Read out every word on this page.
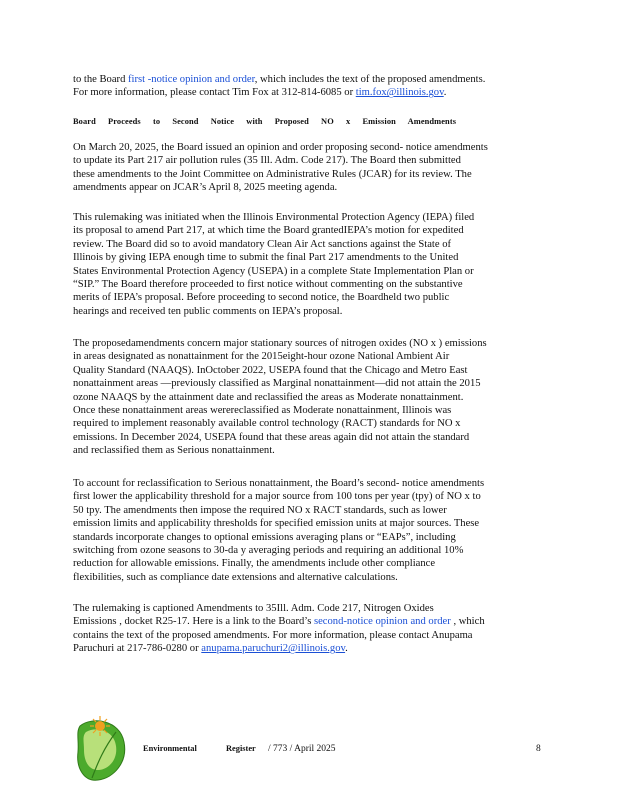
to the Board first -notice opinion and order, which includes the text of the proposed amendments.
For more information, please contact Tim Fox at 312-814-6085 or tim.fox@illinois.gov.

Board Proceeds to Second Notice with Proposed NO x Emission Amendments

On March 20, 2025, the Board issued an opinion and order proposing second- notice amendments
to update its Part 217 air pollution rules (35 Ill. Adm. Code 217). The Board then submitted
these amendments to the Joint Committee on Administrative Rules (JCAR) for its review. The
amendments appear on JCAR’s April 8, 2025 meeting agenda.

This rulemaking was initiated when the Illinois Environmental Protection Agency (IEPA) filed
its proposal to amend Part 217, at which time the Board grantedIEPA’s motion for expedited
review. The Board did so to avoid mandatory Clean Air Act sanctions against the State of
Illinois by giving IEPA enough time to submit the final Part 217 amendments to the United
States Environmental Protection Agency (USEPA) in a complete State Implementation Plan or
“SIP.” The Board therefore proceeded to first notice without commenting on the substantive
merits of IEPA’s proposal. Before proceeding to second notice, the Boardheld two public
hearings and received ten public comments on IEPA’s proposal.

The proposedamendments concern major stationary sources of nitrogen oxides (NO x ) emissions
in areas designated as nonattainment for the 2015eight-hour ozone National Ambient Air
Quality Standard (NAAQS). InOctober 2022, USEPA found that the Chicago and Metro East
nonattainment areas —previously classified as Marginal nonattainment—did not attain the 2015
ozone NAAQS by the attainment date and reclassified the areas as Moderate nonattainment.
Once these nonattainment areas werereclassified as Moderate nonattainment, Illinois was
required to implement reasonably available control technology (RACT) standards for NO x
emissions. In December 2024, USEPA found that these areas again did not attain the standard
and reclassified them as Serious nonattainment.

To account for reclassification to Serious nonattainment, the Board’s second- notice amendments
first lower the applicability threshold for a major source from 100 tons per year (tpy) of NO x to
50 tpy. The amendments then impose the required NO x RACT standards, such as lower
emission limits and applicability thresholds for specified emission units at major sources. These
standards incorporate changes to optional emissions averaging plans or “EAPs”, including
switching from ozone seasons to 30-da y averaging periods and requiring an additional 10%
reduction for allowable emissions. Finally, the amendments include other compliance
flexibilities, such as compliance date extensions and alternative calculations.

The rulemaking is captioned Amendments to 35Ill. Adm. Code 217, Nitrogen Oxides
Emissions , docket R25-17. Here is a link to the Board’s second-notice opinion and order , which
contains the text of the proposed amendments. For more information, please contact Anupama
Paruchuri at 217-786-0280 or anupama.paruchuri2@illinois.gov.

Environmental	Register / 773 / April 2025	8
